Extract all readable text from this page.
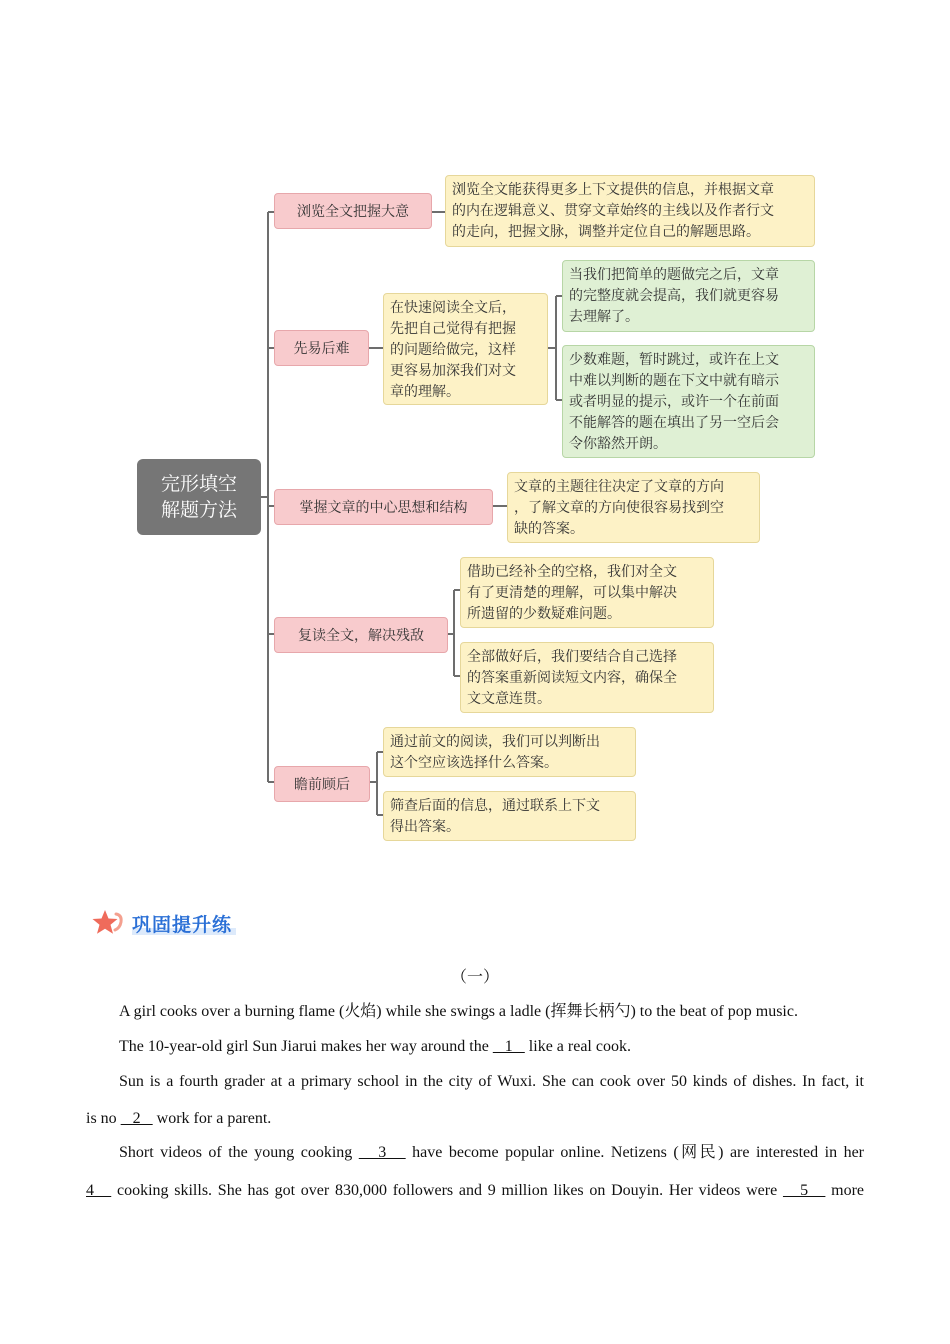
完形填空
解题方法
浏览全文把握大意
浏览全文能获得更多上下文提供的信息，并根据文章
的内在逻辑意义、贯穿文章始终的主线以及作者行文
的走向，把握文脉，调整并定位自己的解题思路。
先易后难
在快速阅读全文后，
先把自己觉得有把握
的问题给做完，这样
更容易加深我们对文
章的理解。
当我们把简单的题做完之后，文章
的完整度就会提高，我们就更容易
去理解了。
少数难题，暂时跳过，或许在上文
中难以判断的题在下文中就有暗示
或者明显的提示，或许一个在前面
不能解答的题在填出了另一空后会
令你豁然开朗。
掌握文章的中心思想和结构
文章的主题往往决定了文章的方向
，了解文章的方向使很容易找到空
缺的答案。
复读全文，解决残敌
借助已经补全的空格，我们对全文
有了更清楚的理解，可以集中解决
所遗留的少数疑难问题。
全部做好后，我们要结合自己选择
的答案重新阅读短文内容，确保全
文文意连贯。
瞻前顾后
通过前文的阅读，我们可以判断出
这个空应该选择什么答案。
筛查后面的信息，通过联系上下文
得出答案。
巩固提升练
（一）
A girl cooks over a burning flame (火焰) while she swings a ladle (挥舞长柄勺) to the beat of pop music.
The 10-year-old girl Sun Jiarui makes her way around the    1    like a real cook.
Sun is a fourth grader at a primary school in the city of Wuxi. She can cook over 50 kinds of dishes. In fact, it
is no    2    work for a parent.
Short videos of the young cooking    3    have become popular online. Netizens (网民) are interested in her
4    cooking skills. She has got over 830,000 followers and 9 million likes on Douyin. Her videos were    5    more
